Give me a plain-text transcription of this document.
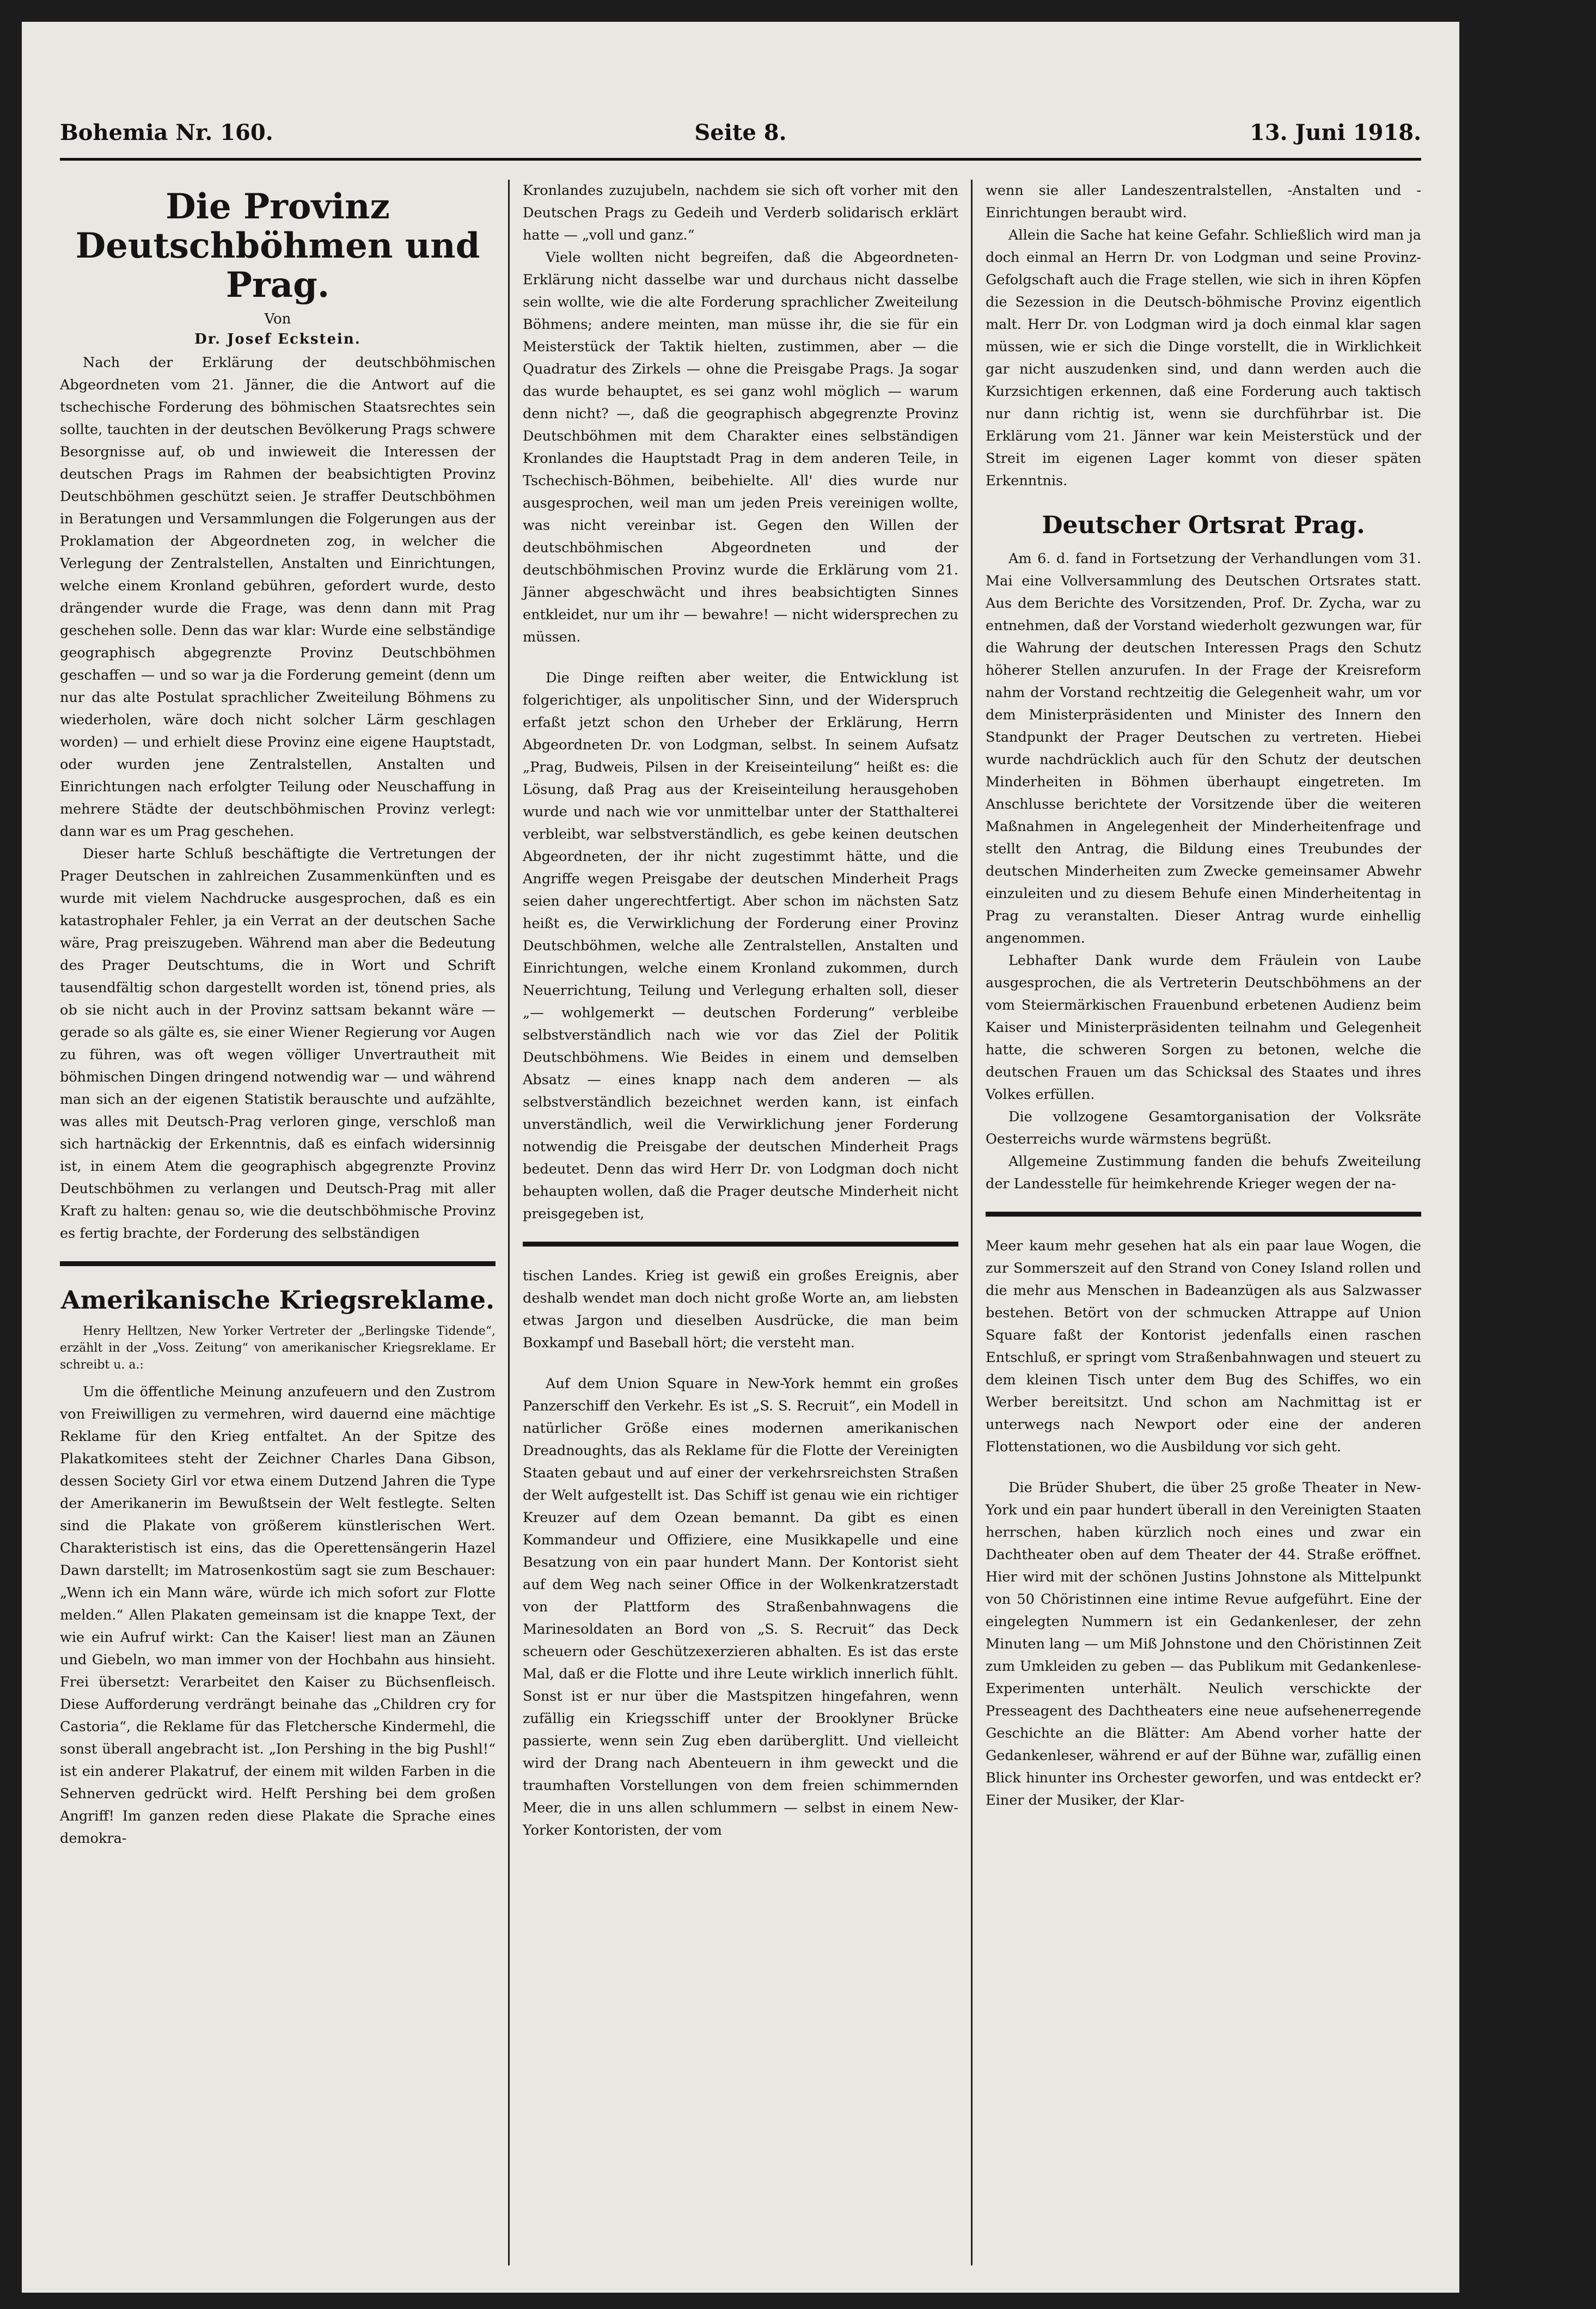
Bohemia Nr. 160.	Seite 8.	13. Juni 1918.
Die Provinz Deutschböhmen und Prag.
Von
Dr. Josef Eckstein.

Nach der Erklärung der deutschböhmischen Abgeordneten vom 21. Jänner, die die Antwort auf die tschechische Forderung des böhmischen Staatsrechtes sein sollte, tauchten in der deutschen Bevölkerung Prags schwere Besorgnisse auf, ob und inwieweit die Interessen der deutschen Prags im Rahmen der beabsichtigten Provinz Deutschböhmen geschützt seien. Je straffer Deutschböhmen in Beratungen und Versammlungen die Folgerungen aus der Proklamation der Abgeordneten zog, in welcher die Verlegung der Zentralstellen, Anstalten und Einrichtungen, welche einem Kronland gebühren, gefordert wurde, desto drängender wurde die Frage, was denn dann mit Prag geschehen solle. Denn das war klar: Wurde eine selbständige geographisch abgegrenzte Provinz Deutschböhmen geschaffen — und so war ja die Forderung gemeint (denn um nur das alte Postulat sprachlicher Zweiteilung Böhmens zu wiederholen, wäre doch nicht solcher Lärm geschlagen worden) — und erhielt diese Provinz eine eigene Hauptstadt, oder wurden jene Zentralstellen, Anstalten und Einrichtungen nach erfolgter Teilung oder Neuschaffung in mehrere Städte der deutschböhmischen Provinz verlegt: dann war es um Prag geschehen.

Dieser harte Schluß beschäftigte die Vertretungen der Prager Deutschen in zahlreichen Zusammenkünften und es wurde mit vielem Nachdrucke ausgesprochen, daß es ein katastrophaler Fehler, ja ein Verrat an der deutschen Sache wäre, Prag preiszugeben. Während man aber die Bedeutung des Prager Deutschtums, die in Wort und Schrift tausendfältig schon dargestellt worden ist, tönend pries, als ob sie nicht auch in der Provinz sattsam bekannt wäre — gerade so als gälte es, sie einer Wiener Regierung vor Augen zu führen, was oft wegen völliger Unvertrautheit mit böhmischen Dingen dringend notwendig war — und während man sich an der eigenen Statistik berauschte und aufzählte, was alles mit Deutsch-Prag verloren ginge, verschloß man sich hartnäckig der Erkenntnis, daß es einfach widersinnig ist, in einem Atem die geographisch abgegrenzte Provinz Deutschböhmen zu verlangen und Deutsch-Prag mit aller Kraft zu halten: genau so, wie die deutschböhmische Provinz es fertig brachte, der Forderung des selbständigen

Amerikanische Kriegsreklame.
Henry Helltzen, New Yorker Vertreter der „Berlingske Tidende“, erzählt in der „Voss. Zeitung“ von amerikanischer Kriegsreklame. Er schreibt u. a.:

Um die öffentliche Meinung anzufeuern und den Zustrom von Freiwilligen zu vermehren, wird dauernd eine mächtige Reklame für den Krieg entfaltet. An der Spitze des Plakatkomitees steht der Zeichner Charles Dana Gibson, dessen Society Girl vor etwa einem Dutzend Jahren die Type der Amerikanerin im Bewußtsein der Welt festlegte. Selten sind die Plakate von größerem künstlerischen Wert. Charakteristisch ist eins, das die Operettensängerin Hazel Dawn darstellt; im Matrosenkostüm sagt sie zum Beschauer: „Wenn ich ein Mann wäre, würde ich mich sofort zur Flotte melden.“ Allen Plakaten gemeinsam ist die knappe Text, der wie ein Aufruf wirkt: Can the Kaiser! liest man an Zäunen und Giebeln, wo man immer von der Hochbahn aus hinsieht. Frei übersetzt: Verarbeitet den Kaiser zu Büchsenfleisch. Diese Aufforderung verdrängt beinahe das „Children cry for Castoria“, die Reklame für das Fletchersche Kindermehl, die sonst überall angebracht ist. „Ion Pershing in the big Pushl!“ ist ein anderer Plakatruf, der einem mit wilden Farben in die Sehnerven gedrückt wird. Helft Pershing bei dem großen Angriff! Im ganzen reden diese Plakate die Sprache eines demokra-

Kronlandes zuzujubeln, nachdem sie sich oft vorher mit den Deutschen Prags zu Gedeih und Verderb solidarisch erklärt hatte — „voll und ganz.“

Viele wollten nicht begreifen, daß die Abgeordneten-Erklärung nicht dasselbe war und durchaus nicht dasselbe sein wollte, wie die alte Forderung sprachlicher Zweiteilung Böhmens; andere meinten, man müsse ihr, die sie für ein Meisterstück der Taktik hielten, zustimmen, aber — die Quadratur des Zirkels — ohne die Preisgabe Prags. Ja sogar das wurde behauptet, es sei ganz wohl möglich — warum denn nicht? —, daß die geographisch abgegrenzte Provinz Deutschböhmen mit dem Charakter eines selbständigen Kronlandes die Hauptstadt Prag in dem anderen Teile, in Tschechisch-Böhmen, beibehielte. All' dies wurde nur ausgesprochen, weil man um jeden Preis vereinigen wollte, was nicht vereinbar ist. Gegen den Willen der deutschböhmischen Abgeordneten und der deutschböhmischen Provinz wurde die Erklärung vom 21. Jänner abgeschwächt und ihres beabsichtigten Sinnes entkleidet, nur um ihr — bewahre! — nicht widersprechen zu müssen.

Die Dinge reiften aber weiter, die Entwicklung ist folgerichtiger, als unpolitischer Sinn, und der Widerspruch erfaßt jetzt schon den Urheber der Erklärung, Herrn Abgeordneten Dr. von Lodgman, selbst. In seinem Aufsatz „Prag, Budweis, Pilsen in der Kreiseinteilung“ heißt es: die Lösung, daß Prag aus der Kreiseinteilung herausgehoben wurde und nach wie vor unmittelbar unter der Statthalterei verbleibt, war selbstverständlich, es gebe keinen deutschen Abgeordneten, der ihr nicht zugestimmt hätte, und die Angriffe wegen Preisgabe der deutschen Minderheit Prags seien daher ungerechtfertigt. Aber schon im nächsten Satz heißt es, die Verwirklichung der Forderung einer Provinz Deutschböhmen, welche alle Zentralstellen, Anstalten und Einrichtungen, welche einem Kronland zukommen, durch Neuerrichtung, Teilung und Verlegung erhalten soll, dieser „— wohlgemerkt — deutschen Forderung“ verbleibe selbstverständlich nach wie vor das Ziel der Politik Deutschböhmens. Wie Beides in einem und demselben Absatz — eines knapp nach dem anderen — als selbstverständlich bezeichnet werden kann, ist einfach unverständlich, weil die Verwirklichung jener Forderung notwendig die Preisgabe der deutschen Minderheit Prags bedeutet. Denn das wird Herr Dr. von Lodgman doch nicht behaupten wollen, daß die Prager deutsche Minderheit nicht preisgegeben ist,

tischen Landes. Krieg ist gewiß ein großes Ereignis, aber deshalb wendet man doch nicht große Worte an, am liebsten etwas Jargon und dieselben Ausdrücke, die man beim Boxkampf und Baseball hört; die versteht man.

Auf dem Union Square in New-York hemmt ein großes Panzerschiff den Verkehr. Es ist „S. S. Recruit“, ein Modell in natürlicher Größe eines modernen amerikanischen Dreadnoughts, das als Reklame für die Flotte der Vereinigten Staaten gebaut und auf einer der verkehrsreichsten Straßen der Welt aufgestellt ist. Das Schiff ist genau wie ein richtiger Kreuzer auf dem Ozean bemannt. Da gibt es einen Kommandeur und Offiziere, eine Musikkapelle und eine Besatzung von ein paar hundert Mann. Der Kontorist sieht auf dem Weg nach seiner Office in der Wolkenkratzerstadt von der Plattform des Straßenbahnwagens die Marinesoldaten an Bord von „S. S. Recruit“ das Deck scheuern oder Geschützexerzieren abhalten. Es ist das erste Mal, daß er die Flotte und ihre Leute wirklich innerlich fühlt. Sonst ist er nur über die Mastspitzen hingefahren, wenn zufällig ein Kriegsschiff unter der Brooklyner Brücke passierte, wenn sein Zug eben darüberglitt. Und vielleicht wird der Drang nach Abenteuern in ihm geweckt und die traumhaften Vorstellungen von dem freien schimmernden Meer, die in uns allen schlummern — selbst in einem New-Yorker Kontoristen, der vom

wenn sie aller Landeszentralstellen, -Anstalten und -Einrichtungen beraubt wird.

Allein die Sache hat keine Gefahr. Schließlich wird man ja doch einmal an Herrn Dr. von Lodgman und seine Provinz-Gefolgschaft auch die Frage stellen, wie sich in ihren Köpfen die Sezession in die Deutsch-böhmische Provinz eigentlich malt. Herr Dr. von Lodgman wird ja doch einmal klar sagen müssen, wie er sich die Dinge vorstellt, die in Wirklichkeit gar nicht auszudenken sind, und dann werden auch die Kurzsichtigen erkennen, daß eine Forderung auch taktisch nur dann richtig ist, wenn sie durchführbar ist. Die Erklärung vom 21. Jänner war kein Meisterstück und der Streit im eigenen Lager kommt von dieser späten Erkenntnis.

Deutscher Ortsrat Prag.

Am 6. d. fand in Fortsetzung der Verhandlungen vom 31. Mai eine Vollversammlung des Deutschen Ortsrates statt. Aus dem Berichte des Vorsitzenden, Prof. Dr. Zycha, war zu entnehmen, daß der Vorstand wiederholt gezwungen war, für die Wahrung der deutschen Interessen Prags den Schutz höherer Stellen anzurufen. In der Frage der Kreisreform nahm der Vorstand rechtzeitig die Gelegenheit wahr, um vor dem Ministerpräsidenten und Minister des Innern den Standpunkt der Prager Deutschen zu vertreten. Hiebei wurde nachdrücklich auch für den Schutz der deutschen Minderheiten in Böhmen überhaupt eingetreten. Im Anschlusse berichtete der Vorsitzende über die weiteren Maßnahmen in Angelegenheit der Minderheitenfrage und stellt den Antrag, die Bildung eines Treubundes der deutschen Minderheiten zum Zwecke gemeinsamer Abwehr einzuleiten und zu diesem Behufe einen Minderheitentag in Prag zu veranstalten. Dieser Antrag wurde einhellig angenommen.

Lebhafter Dank wurde dem Fräulein von Laube ausgesprochen, die als Vertreterin Deutschböhmens an der vom Steiermärkischen Frauenbund erbetenen Audienz beim Kaiser und Ministerpräsidenten teilnahm und Gelegenheit hatte, die schweren Sorgen zu betonen, welche die deutschen Frauen um das Schicksal des Staates und ihres Volkes erfüllen.

Die vollzogene Gesamtorganisation der Volksräte Oesterreichs wurde wärmstens begrüßt.

Allgemeine Zustimmung fanden die behufs Zweiteilung der Landesstelle für heimkehrende Krieger wegen der na-

Meer kaum mehr gesehen hat als ein paar laue Wogen, die zur Sommerszeit auf den Strand von Coney Island rollen und die mehr aus Menschen in Badeanzügen als aus Salzwasser bestehen. Betört von der schmucken Attrappe auf Union Square faßt der Kontorist jedenfalls einen raschen Entschluß, er springt vom Straßenbahnwagen und steuert zu dem kleinen Tisch unter dem Bug des Schiffes, wo ein Werber bereitsitzt. Und schon am Nachmittag ist er unterwegs nach Newport oder eine der anderen Flottenstationen, wo die Ausbildung vor sich geht.

Die Brüder Shubert, die über 25 große Theater in New-York und ein paar hundert überall in den Vereinigten Staaten herrschen, haben kürzlich noch eines und zwar ein Dachtheater oben auf dem Theater der 44. Straße eröffnet. Hier wird mit der schönen Justins Johnstone als Mittelpunkt von 50 Chöristinnen eine intime Revue aufgeführt. Eine der eingelegten Nummern ist ein Gedankenleser, der zehn Minuten lang — um Miß Johnstone und den Chöristinnen Zeit zum Umkleiden zu geben — das Publikum mit Gedankenlese-Experimenten unterhält. Neulich verschickte der Presseagent des Dachtheaters eine neue aufsehenerregende Geschichte an die Blätter: Am Abend vorher hatte der Gedankenleser, während er auf der Bühne war, zufällig einen Blick hinunter ins Orchester geworfen, und was entdeckt er? Einer der Musiker, der Klar-
